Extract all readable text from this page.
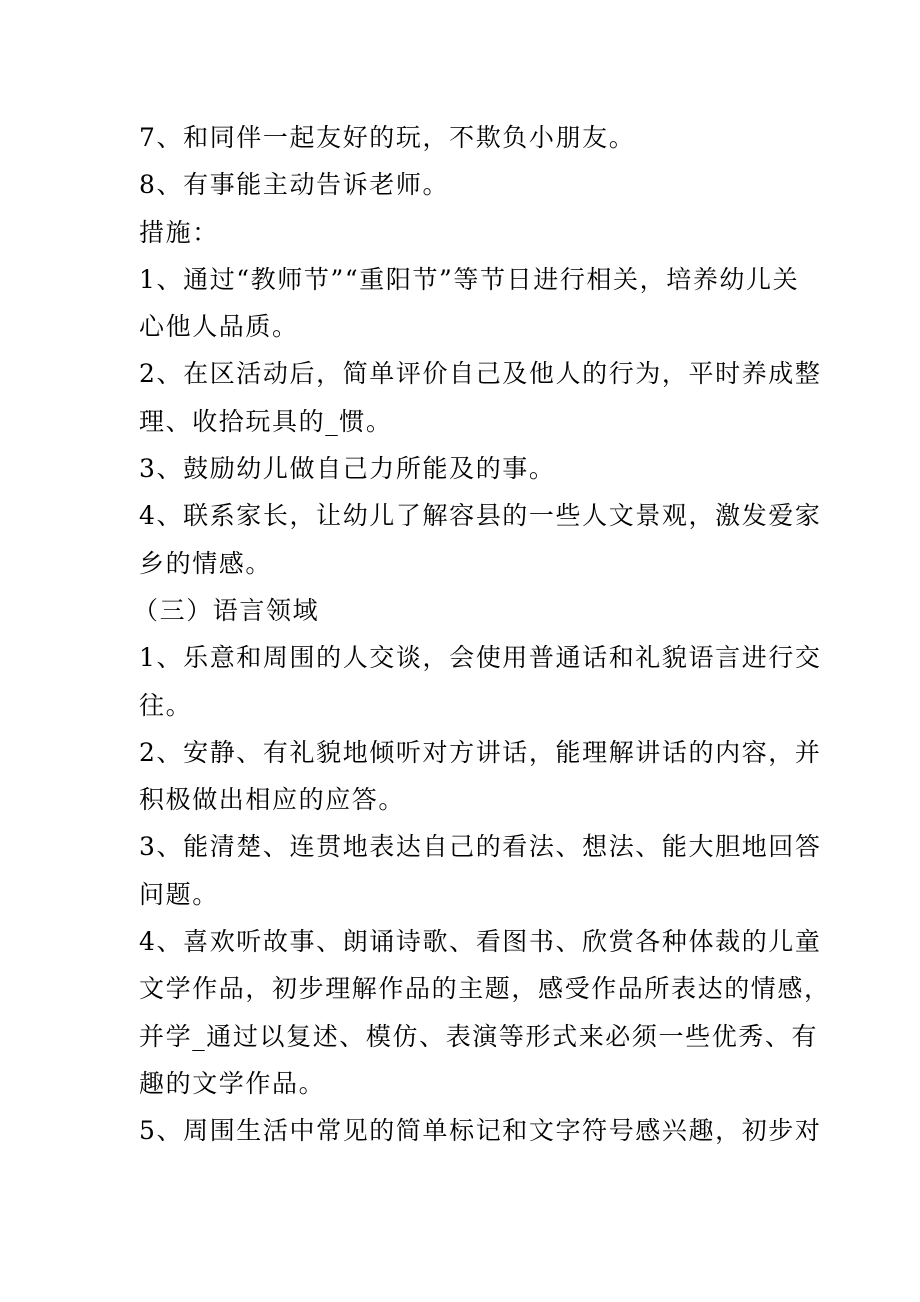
7、和同伴一起友好的玩，不欺负小朋友。
8、有事能主动告诉老师。
措施：
1、通过“教师节”“重阳节”等节日进行相关，培养幼儿关
心他人品质。
2、在区活动后，简单评价自己及他人的行为，平时养成整
理、收拾玩具的_惯。
3、鼓励幼儿做自己力所能及的事。
4、联系家长，让幼儿了解容县的一些人文景观，激发爱家
乡的情感。
（三）语言领域
1、乐意和周围的人交谈，会使用普通话和礼貌语言进行交
往。
2、安静、有礼貌地倾听对方讲话，能理解讲话的内容，并
积极做出相应的应答。
3、能清楚、连贯地表达自己的看法、想法、能大胆地回答
问题。
4、喜欢听故事、朗诵诗歌、看图书、欣赏各种体裁的儿童
文学作品，初步理解作品的主题，感受作品所表达的情感，
并学_通过以复述、模仿、表演等形式来必须一些优秀、有
趣的文学作品。
5、周围生活中常见的简单标记和文字符号感兴趣，初步对
